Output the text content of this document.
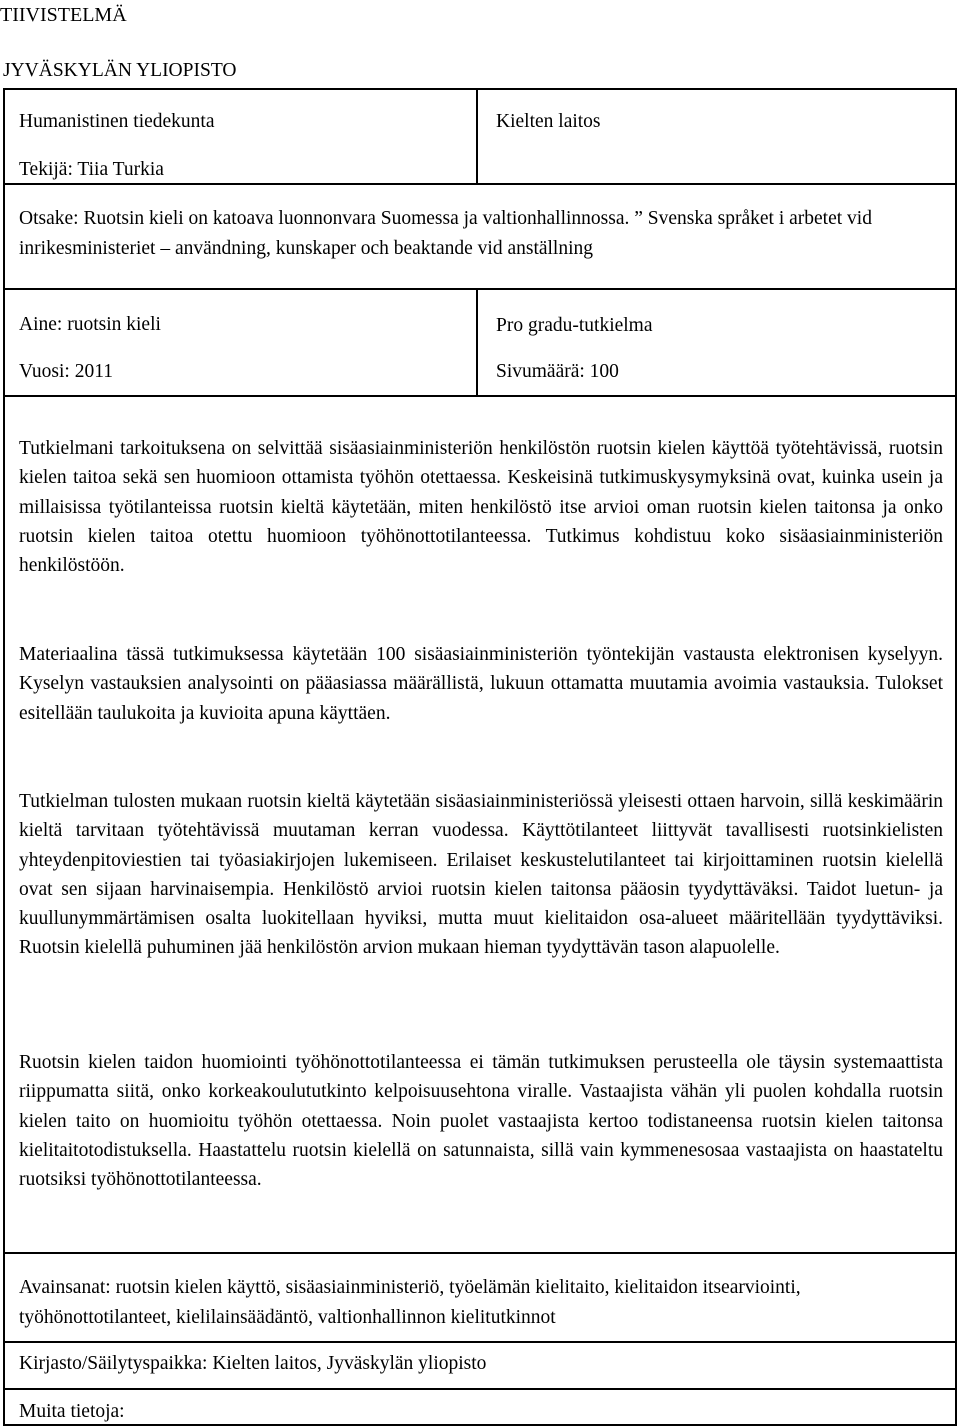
TIIVISTELMÄ
Humanistinen tiedekunta	Kielten laitos
Tekijä: Tiia Turkia

Otsake: Ruotsin kieli on katoava luonnonvara Suomessa ja valtionhallinnossa. ” Svenska språket i arbetet vid inrikesministeriet – användning, kunskaper och beaktande vid anställning

Aine: ruotsin kieli	Pro gradu-tutkielma
Vuosi: 2011	Sivumäärä: 100

Tutkielmani tarkoituksena on selvittää sisäasiainministeriön henkilöstön ruotsin kielen käyttöä työtehtävissä, ruotsin kielen taitoa sekä sen huomioon ottamista työhön otettaessa. Keskeisinä tutkimuskysymyksinä ovat, kuinka usein ja millaisissa työtilanteissa ruotsin kieltä käytetään, miten henkilöstö itse arvioi oman ruotsin kielen taitonsa ja onko ruotsin kielen taitoa otettu huomioon työhönottotilanteessa. Tutkimus kohdistuu koko sisäasiainministeriön henkilöstöön.

Materiaalina tässä tutkimuksessa käytetään 100 sisäasiainministeriön työntekijän vastausta elektronisen kyselyyn. Kyselyn vastauksien analysointi on pääasiassa määrällistä, lukuun ottamatta muutamia avoimia vastauksia. Tulokset esitellään taulukoita ja kuvioita apuna käyttäen.

Tutkielman tulosten mukaan ruotsin kieltä käytetään sisäasiainministeriössä yleisesti ottaen harvoin, sillä keskimäärin kieltä tarvitaan työtehtävissä muutaman kerran vuodessa. Käyttötilanteet liittyvät tavallisesti ruotsinkielisten yhteydenpitoviestien tai työasiakirjojen lukemiseen. Erilaiset keskustelutilanteet tai kirjoittaminen ruotsin kielellä ovat sen sijaan harvinaisempia. Henkilöstö arvioi ruotsin kielen taitonsa pääosin tyydyttäväksi. Taidot luetun- ja kuullunymmärtämisen osalta luokitellaan hyviksi, mutta muut kielitaidon osa-alueet määritellään tyydyttäviksi. Ruotsin kielellä puhuminen jää henkilöstön arvion mukaan hieman tyydyttävän tason alapuolelle.

Ruotsin kielen taidon huomiointi työhönottotilanteessa ei tämän tutkimuksen perusteella ole täysin systemaattista riippumatta siitä, onko korkeakoulututkinto kelpoisuusehtona viralle. Vastaajista vähän yli puolen kohdalla ruotsin kielen taito on huomioitu työhön otettaessa. Noin puolet vastaajista kertoo todistaneensa ruotsin kielen taitonsa kielitaitotodistuksella. Haastattelu ruotsin kielellä on satunnaista, sillä vain kymmenesosaa vastaajista on haastateltu ruotsiksi työhönottotilanteessa.

Avainsanat: ruotsin kielen käyttö, sisäasiainministeriö, työelämän kielitaito, kielitaidon itsearviointi, työhönottotilanteet, kielilainsäädäntö, valtionhallinnon kielitutkinnot

Kirjasto/Säilytyspaikka: Kielten laitos, Jyväskylän yliopisto
Muita tietoja:
JYVÄSKYLÄN YLIOPISTO
